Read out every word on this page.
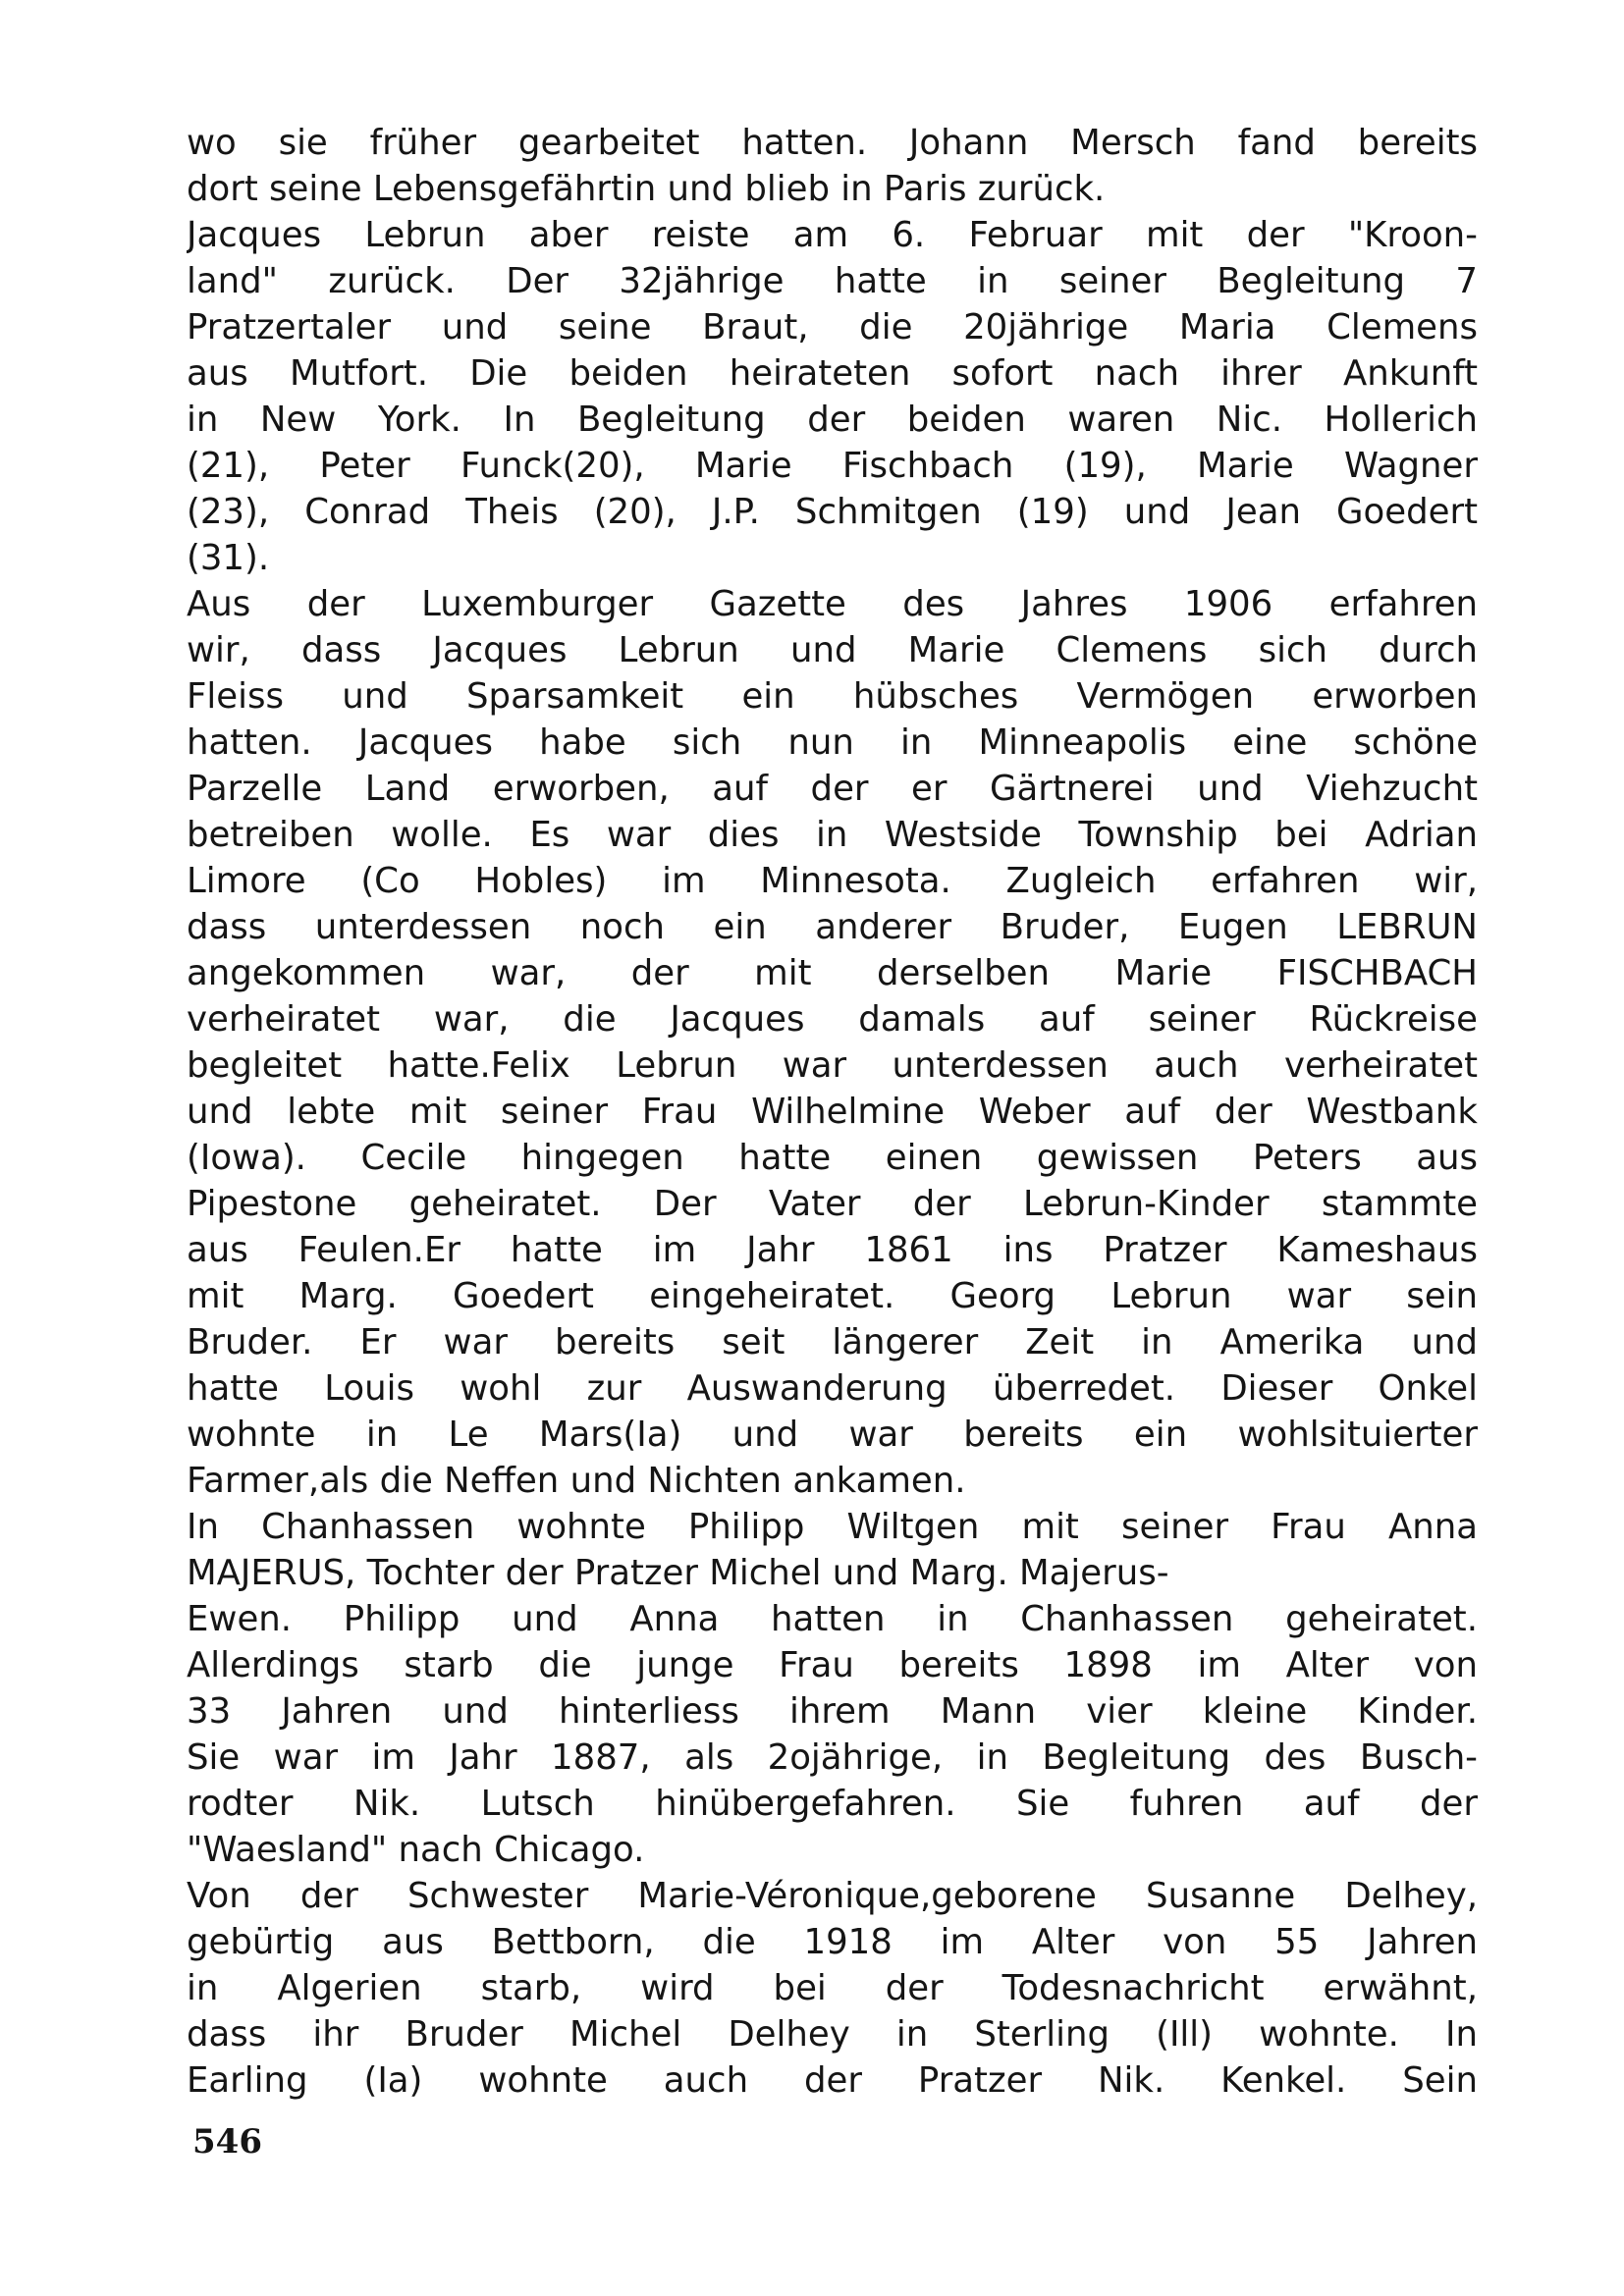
wo sie früher gearbeitet hatten. Johann Mersch fand bereits
dort seine Lebensgefährtin und blieb in Paris zurück.
Jacques Lebrun aber reiste am 6. Februar mit der "Kroon-
land" zurück. Der 32jährige hatte in seiner Begleitung 7
Pratzertaler und seine Braut, die 20jährige Maria Clemens
aus Mutfort. Die beiden heirateten sofort nach ihrer Ankunft
in New York. In Begleitung der beiden waren Nic. Hollerich
(21), Peter Funck(20), Marie Fischbach (19), Marie Wagner
(23), Conrad Theis (20), J.P. Schmitgen (19) und Jean Goedert
(31).
Aus der Luxemburger Gazette des Jahres 1906 erfahren
wir, dass Jacques Lebrun und Marie Clemens sich durch
Fleiss und Sparsamkeit ein hübsches Vermögen erworben
hatten. Jacques habe sich nun in Minneapolis eine schöne
Parzelle Land erworben, auf der er Gärtnerei und Viehzucht
betreiben wolle. Es war dies in Westside Township bei Adrian
Limore (Co Hobles) im Minnesota. Zugleich erfahren wir,
dass unterdessen noch ein anderer Bruder, Eugen LEBRUN
angekommen war, der mit derselben Marie FISCHBACH
verheiratet war, die Jacques damals auf seiner Rückreise
begleitet hatte.Felix Lebrun war unterdessen auch verheiratet
und lebte mit seiner Frau Wilhelmine Weber auf der Westbank
(Iowa). Cecile hingegen hatte einen gewissen Peters aus
Pipestone geheiratet. Der Vater der Lebrun-Kinder stammte
aus Feulen.Er hatte im Jahr 1861 ins Pratzer Kameshaus
mit Marg. Goedert eingeheiratet. Georg Lebrun war sein
Bruder. Er war bereits seit längerer Zeit in Amerika und
hatte Louis wohl zur Auswanderung überredet. Dieser Onkel
wohnte in Le Mars(Ia) und war bereits ein wohlsituierter
Farmer,als die Neffen und Nichten ankamen.
In Chanhassen wohnte Philipp Wiltgen mit seiner Frau Anna
MAJERUS, Tochter der Pratzer Michel und Marg. Majerus-
Ewen. Philipp und Anna hatten in Chanhassen geheiratet.
Allerdings starb die junge Frau bereits 1898 im Alter von
33 Jahren und hinterliess ihrem Mann vier kleine Kinder.
Sie war im Jahr 1887, als 2ojährige, in Begleitung des Busch-
rodter Nik. Lutsch hinübergefahren. Sie fuhren auf der
"Waesland" nach Chicago.
Von der Schwester Marie-Véronique,geborene Susanne Delhey,
gebürtig aus Bettborn, die 1918 im Alter von 55 Jahren
in Algerien starb, wird bei der Todesnachricht erwähnt,
dass ihr Bruder Michel Delhey in Sterling (Ill) wohnte. In
Earling (Ia) wohnte auch der Pratzer Nik. Kenkel. Sein
546
